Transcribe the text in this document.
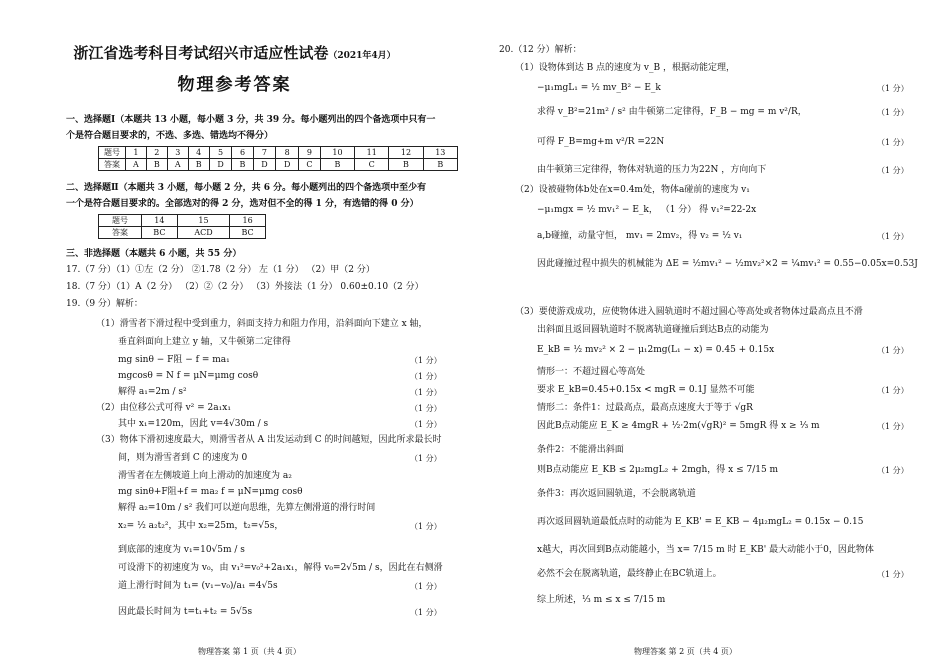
浙江省选考科目考试绍兴市适应性试卷（2021年4月）
物理参考答案
一、选择题Ⅰ（本题共 13 小题，每小题 3 分，共 39 分。每小题列出的四个备选项中只有一
个是符合题目要求的，不选、多选、错选均不得分）
题号	1	2	3	4	5	6	7	8	9	10	11	12	13
答案	A	B	A	B	D	B	D	D	C	B	C	B	B
二、选择题Ⅱ（本题共 3 小题，每小题 2 分，共 6 分。每小题列出的四个备选项中至少有
一个是符合题目要求的。全部选对的得 2 分，选对但不全的得 1 分，有选错的得 0 分）
题号	14	15	16
答案	BC	ACD	BC
三、非选择题（本题共 6 小题，共 55 分）
17.（7 分）（1）①左（2 分） ②1.78（2 分） 左（1 分） （2）甲（2 分）
18.（7 分）（1）A（2 分） （2）②（2 分） （3）外接法（1 分） 0.60±0.10（2 分）
19.（9 分）解析：
（1）滑雪者下滑过程中受到重力，斜面支持力和阻力作用，沿斜面向下建立 x 轴，
垂直斜面向上建立 y 轴，又牛顿第二定律得
mg sinθ − F阻 − f = ma₁	（1 分）
mgcosθ = N f = μN=μmg cosθ	（1 分）
解得 a₁=2m / s²	（1 分）
（2）由位移公式可得 v² = 2a₁x₁	（1 分）
其中 x₁=120m，因此 v=4√30m / s	（1 分）
（3）物体下滑初速度最大，则滑雪者从 A 出发运动到 C 的时间越短，因此所求最长时
间，则为滑雪者到 C 的速度为 0	（1 分）
滑雪者在左侧坡道上向上滑动的加速度为 a₂
mg sinθ+F阻+f = ma₂ f = μN=μmg cosθ
解得 a₂=10m / s² 我们可以逆向思维，先算左侧滑道的滑行时间
x₂= ½ a₂t₂²，其中 x₂=25m，t₂=√5s，	（1 分）
到底部的速度为 v₁=10√5m / s
可设滑下的初速度为 v₀，由 v₁²=v₀²+2a₁x₁，解得 v₀=2√5m / s，因此在右侧滑
道上滑行时间为 t₁= (v₁−v₀)/a₁ =4√5s	（1 分）
因此最长时间为 t=t₁+t₂ = 5√5s	（1 分）
物理答案 第 1 页（共 4 页）
20.（12 分）解析：
（1）设物体到达 B 点的速度为 v_B ，根据动能定理，
−μ₁mgL₁ = ½ mv_B² − E_k	（1 分）
求得 v_B²=21m² / s² 由牛顿第二定律得，F_B − mg = m v²/R，	（1 分）
可得 F_B=mg+m v²/R =22N	（1 分）
由牛顿第三定律得，物体对轨道的压力为22N ，方向向下	（1 分）
（2）设被碰物体b处在x=0.4m处，物体a碰前的速度为 v₁
−μ₁mgx = ½ mv₁² − E_k， （1 分） 得 v₁²=22-2x
a,b碰撞，动量守恒， mv₁ = 2mv₂，得 v₂ = ½ v₁	（1 分）
因此碰撞过程中损失的机械能为 ΔE = ½mv₁² − ½mv₂²×2 = ¼mv₁² = 0.55−0.05x=0.53J
（3）要使游戏成功，应使物体进入圆轨道时不超过圆心等高处或者物体过最高点且不滑
出斜面且返回圆轨道时不脱离轨道碰撞后到达B点的动能为
E_kB = ½ mv₂² × 2 − μ₁2mg(L₁ − x) = 0.45 + 0.15x	（1 分）
情形一：不超过圆心等高处
要求 E_kB=0.45+0.15x < mgR = 0.1J 显然不可能	（1 分）
情形二：条件1：过最高点，最高点速度大于等于 √gR
因此B点动能应 E_K ≥ 4mgR + ½·2m(√gR)² = 5mgR 得 x ≥ ⅓ m	（1 分）
条件2：不能滑出斜面
则B点动能应 E_KB ≤ 2μ₂mgL₂ + 2mgh，得 x ≤ 7/15 m	（1 分）
条件3：再次返回圆轨道，不会脱离轨道
再次返回圆轨道最低点时的动能为 E_KB' = E_KB − 4μ₂mgL₂ = 0.15x − 0.15
x越大，再次回到B点动能越小，当 x= 7/15 m 时 E_KB' 最大动能小于0，因此物体
必然不会在脱离轨道，最终静止在BC轨道上。	（1 分）
综上所述，⅓ m ≤ x ≤ 7/15 m
物理答案 第 2 页（共 4 页）
